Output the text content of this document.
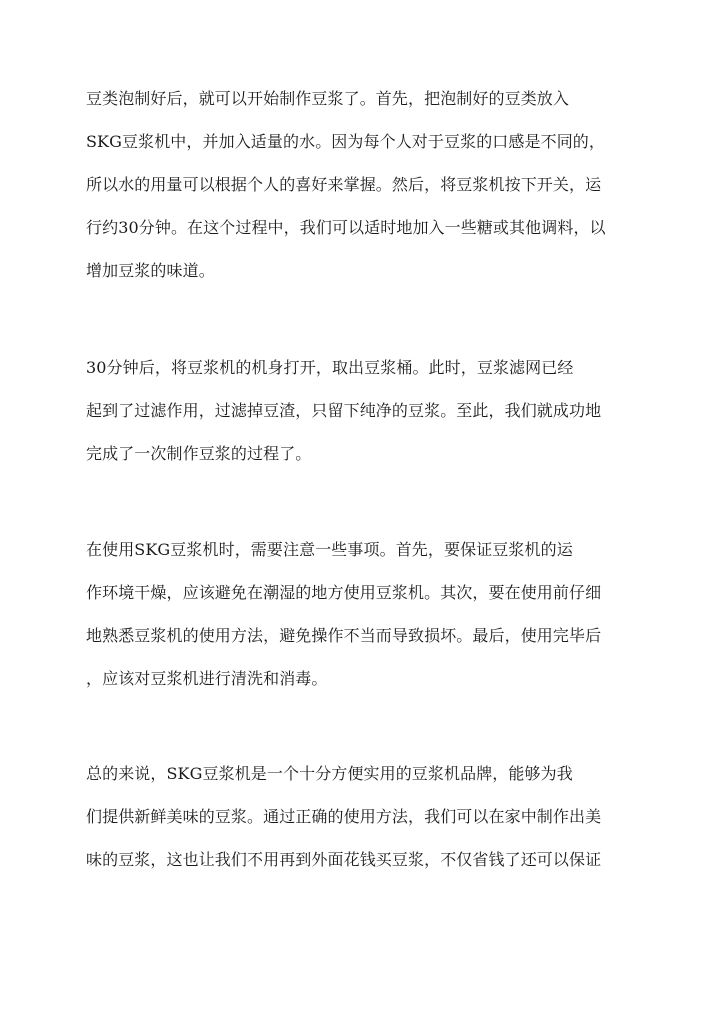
豆类泡制好后，就可以开始制作豆浆了。首先，把泡制好的豆类放入
SKG豆浆机中，并加入适量的水。因为每个人对于豆浆的口感是不同的，
所以水的用量可以根据个人的喜好来掌握。然后，将豆浆机按下开关，运
行约30分钟。在这个过程中，我们可以适时地加入一些糖或其他调料，以
增加豆浆的味道。
30分钟后，将豆浆机的机身打开，取出豆浆桶。此时，豆浆滤网已经
起到了过滤作用，过滤掉豆渣，只留下纯净的豆浆。至此，我们就成功地
完成了一次制作豆浆的过程了。
在使用SKG豆浆机时，需要注意一些事项。首先，要保证豆浆机的运
作环境干燥，应该避免在潮湿的地方使用豆浆机。其次，要在使用前仔细
地熟悉豆浆机的使用方法，避免操作不当而导致损坏。最后，使用完毕后
，应该对豆浆机进行清洗和消毒。
总的来说，SKG豆浆机是一个十分方便实用的豆浆机品牌，能够为我
们提供新鲜美味的豆浆。通过正确的使用方法，我们可以在家中制作出美
味的豆浆，这也让我们不用再到外面花钱买豆浆，不仅省钱了还可以保证
